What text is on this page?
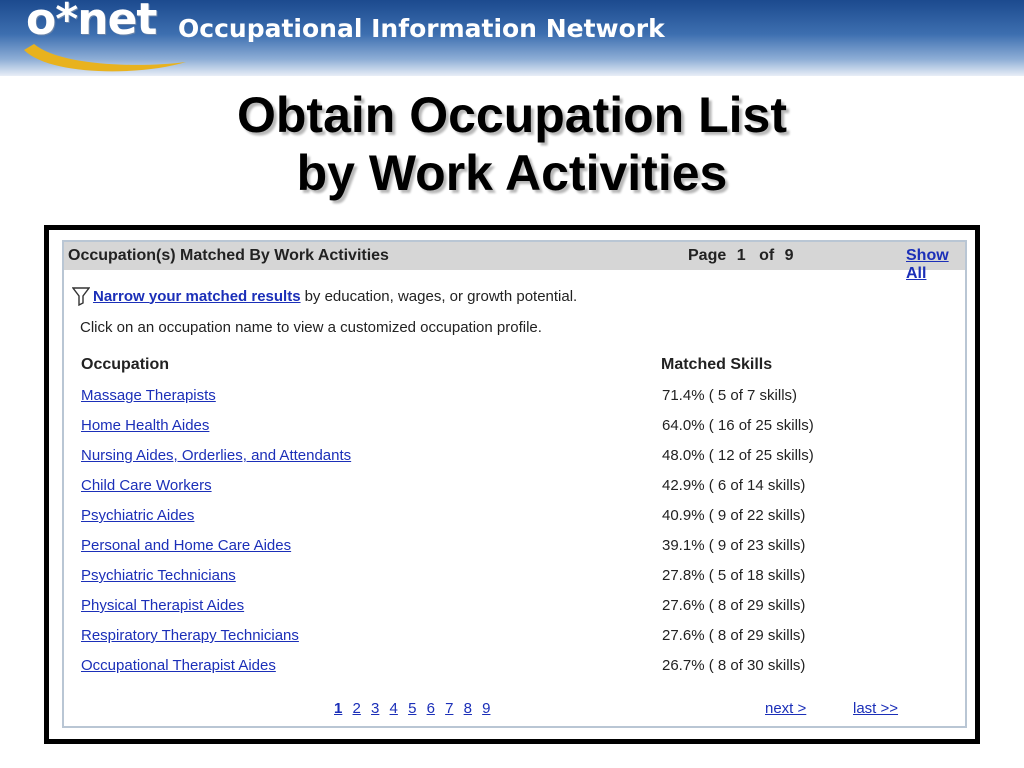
o*net Occupational Information Network
Obtain Occupation List
by Work Activities
Occupation(s) Matched By Work Activities	Page 1 of 9	Show All
Narrow your matched results by education, wages, or growth potential.
Click on an occupation name to view a customized occupation profile.
Occupation	Matched Skills
Massage Therapists	71.4% ( 5 of 7 skills)
Home Health Aides	64.0% ( 16 of 25 skills)
Nursing Aides, Orderlies, and Attendants	48.0% ( 12 of 25 skills)
Child Care Workers	42.9% ( 6 of 14 skills)
Psychiatric Aides	40.9% ( 9 of 22 skills)
Personal and Home Care Aides	39.1% ( 9 of 23 skills)
Psychiatric Technicians	27.8% ( 5 of 18 skills)
Physical Therapist Aides	27.6% ( 8 of 29 skills)
Respiratory Therapy Technicians	27.6% ( 8 of 29 skills)
Occupational Therapist Aides	26.7% ( 8 of 30 skills)
1 2 3 4 5 6 7 8 9	next >	last >>
